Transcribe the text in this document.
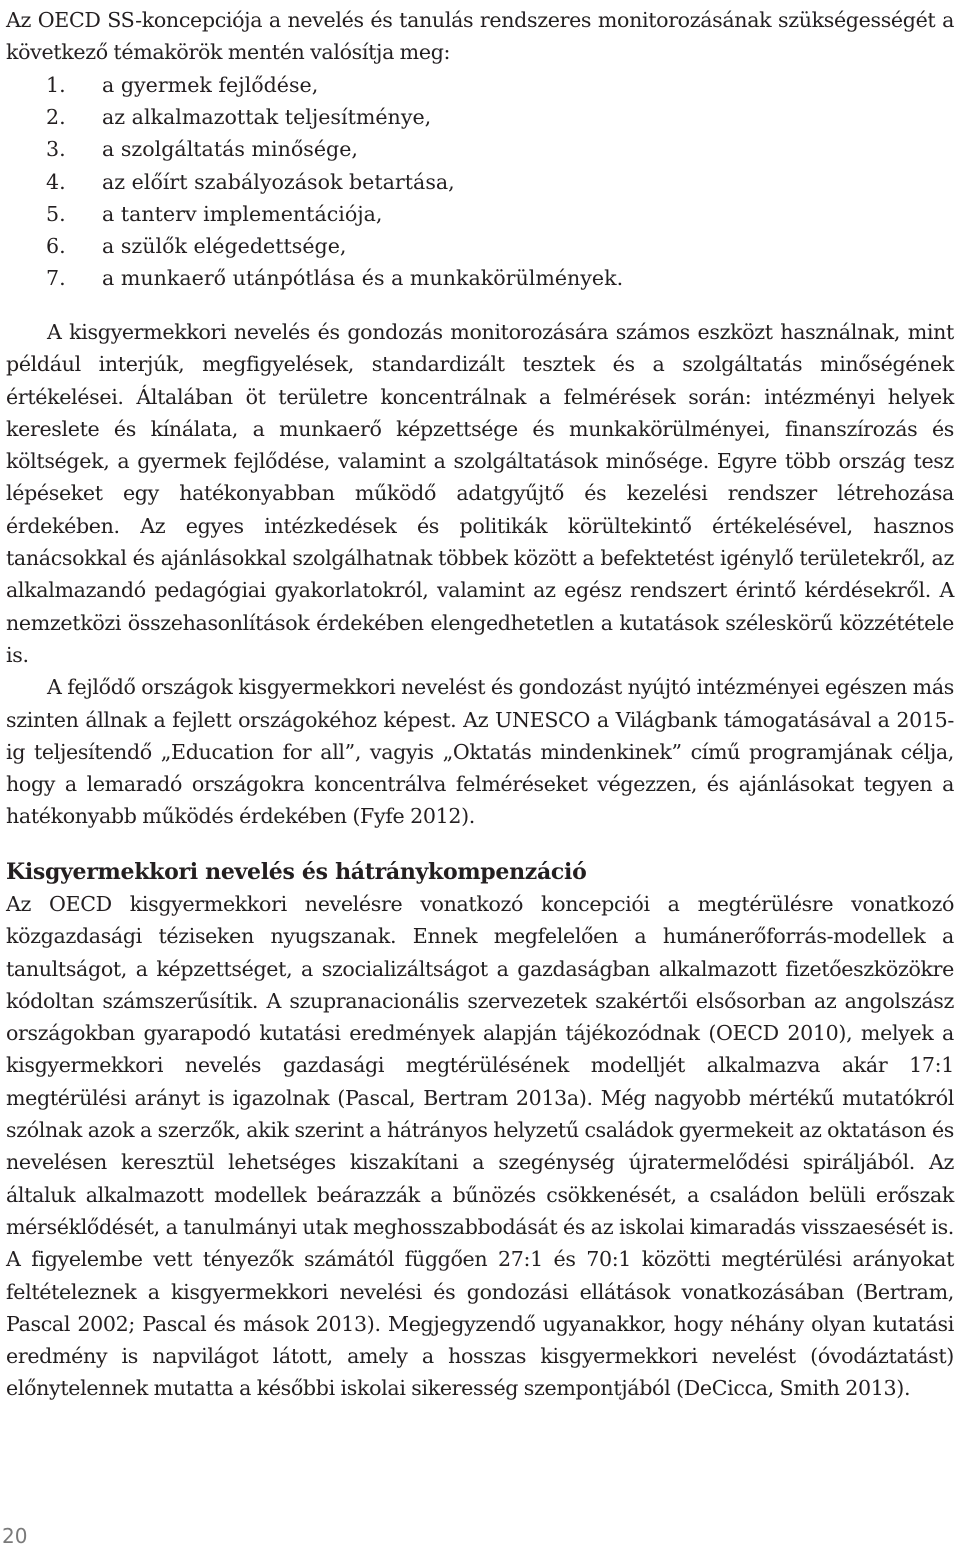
Az OECD SS-koncepciója a nevelés és tanulás rendszeres monitorozásának szükségességét a következő témakörök mentén valósítja meg:

1.	a gyermek fejlődése,
2.	az alkalmazottak teljesítménye,
3.	a szolgáltatás minősége,
4.	az előírt szabályozások betartása,
5.	a tanterv implementációja,
6.	a szülők elégedettsége,
7.	a munkaerő utánpótlása és a munkakörülmények.

A kisgyermekkori nevelés és gondozás monitorozására számos eszközt használnak, mint például interjúk, megfigyelések, standardizált tesztek és a szolgáltatás minőségének értékelései. Általában öt területre koncentrálnak a felmérések során: intézményi helyek kereslete és kínálata, a munkaerő képzettsége és munkakörülményei, finanszírozás és költségek, a gyermek fejlődése, valamint a szolgáltatások minősége. Egyre több ország tesz lépéseket egy hatékonyabban működő adatgyűjtő és kezelési rendszer létrehozása érdekében. Az egyes intézkedések és politikák körültekintő értékelésével, hasznos tanácsokkal és ajánlásokkal szolgálhatnak többek között a befektetést igénylő területekről, az alkalmazandó pedagógiai gyakorlatokról, valamint az egész rendszert érintő kérdésekről. A nemzetközi összehasonlítások érdekében elengedhetetlen a kutatások széleskörű közzététele is.

A fejlődő országok kisgyermekkori nevelést és gondozást nyújtó intézményei egészen más szinten állnak a fejlett országokéhoz képest. Az UNESCO a Világbank támogatásával a 2015-ig teljesítendő „Education for all”, vagyis „Oktatás mindenkinek” című programjának célja, hogy a lemaradó országokra koncentrálva felméréseket végezzen, és ajánlásokat tegyen a hatékonyabb működés érdekében (Fyfe 2012).

Kisgyermekkori nevelés és hátránykompenzáció

Az OECD kisgyermekkori nevelésre vonatkozó koncepciói a megtérülésre vonatkozó közgazdasági téziseken nyugszanak. Ennek megfelelően a humánerőforrás-modellek a tanultságot, a képzettséget, a szocializáltságot a gazdaságban alkalmazott fizetőeszközökre kódoltan számszerűsítik. A szupranacionális szervezetek szakértői elsősorban az angolszász országokban gyarapodó kutatási eredmények alapján tájékozódnak (OECD 2010), melyek a kisgyermekkori nevelés gazdasági megtérülésének modelljét alkalmazva akár 17:1 megtérülési arányt is igazolnak (Pascal, Bertram 2013a). Még nagyobb mértékű mutatókról szólnak azok a szerzők, akik szerint a hátrányos helyzetű családok gyermekeit az oktatáson és nevelésen keresztül lehetséges kiszakítani a szegénység újratermelődési spiráljából. Az általuk alkalmazott modellek beárazzák a bűnözés csökkenését, a családon belüli erőszak mérséklődését, a tanulmányi utak meghosszabbodását és az iskolai kimaradás visszaesését is. A figyelembe vett tényezők számától függően 27:1 és 70:1 közötti megtérülési arányokat feltételeznek a kisgyermekkori nevelési és gondozási ellátások vonatkozásában (Bertram, Pascal 2002; Pascal és mások 2013). Megjegyzendő ugyanakkor, hogy néhány olyan kutatási eredmény is napvilágot látott, amely a hosszas kisgyermekkori nevelést (óvodáztatást) előnytelennek mutatta a későbbi iskolai sikeresség szempontjából (DeCicca, Smith 2013).

20
